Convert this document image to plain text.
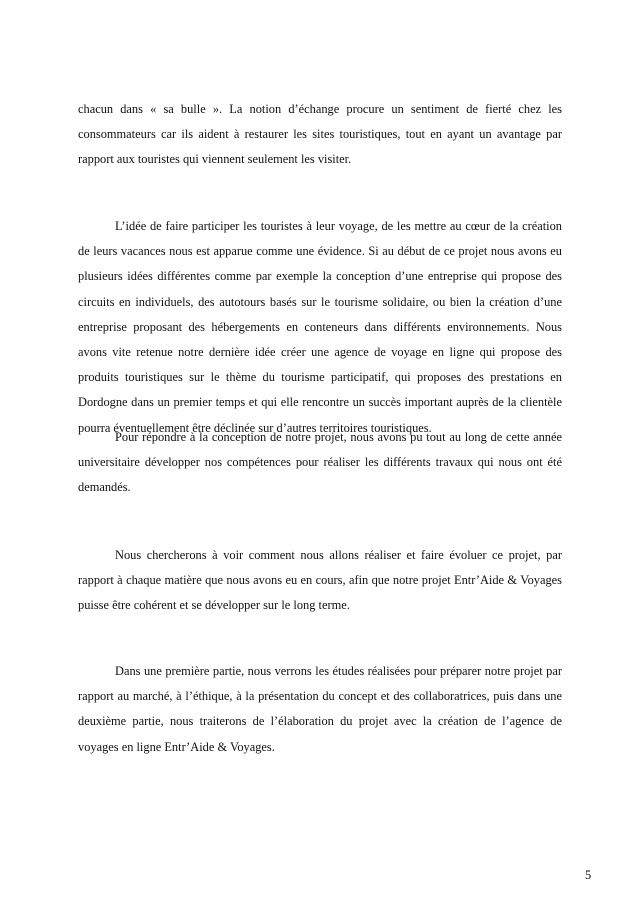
chacun dans « sa bulle ». La notion d’échange procure un sentiment de fierté chez les consommateurs car ils aident à restaurer les sites touristiques, tout en ayant un avantage par rapport aux touristes qui viennent seulement les visiter.

L’idée de faire participer les touristes à leur voyage, de les mettre au cœur de la création de leurs vacances nous est apparue comme une évidence. Si au début de ce projet nous avons eu plusieurs idées différentes comme par exemple la conception d’une entreprise qui propose des circuits en individuels, des autotours basés sur le tourisme solidaire, ou bien la création d’une entreprise proposant des hébergements en conteneurs dans différents environnements. Nous avons vite retenue notre dernière idée créer une agence de voyage en ligne qui propose des produits touristiques sur le thème du tourisme participatif, qui proposes des prestations en Dordogne dans un premier temps et qui elle rencontre un succès important auprès de la clientèle pourra éventuellement être déclinée sur d’autres territoires touristiques.

Pour répondre à la conception de notre projet, nous avons pu tout au long de cette année universitaire développer nos compétences pour réaliser les différents travaux qui nous ont été demandés.

Nous chercherons à voir comment nous allons réaliser et faire évoluer ce projet, par rapport à chaque matière que nous avons eu en cours, afin que notre projet Entr’Aide & Voyages puisse être cohérent et se développer sur le long terme.

Dans une première partie, nous verrons les études réalisées pour préparer notre projet par rapport au marché, à l’éthique, à la présentation du concept et des collaboratrices, puis dans une deuxième partie, nous traiterons de l’élaboration du projet avec la création de l’agence de voyages en ligne Entr’Aide & Voyages.

5
